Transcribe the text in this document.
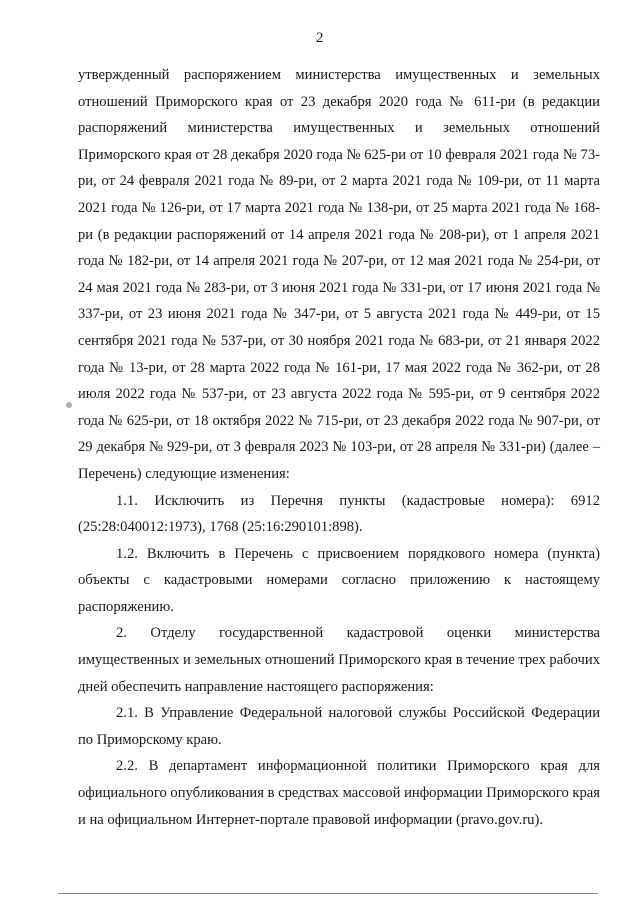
2

утвержденный распоряжением министерства имущественных и земельных отношений Приморского края от 23 декабря 2020 года № 611-ри (в редакции распоряжений министерства имущественных и земельных отношений Приморского края от 28 декабря 2020 года № 625-ри от 10 февраля 2021 года № 73-ри, от 24 февраля 2021 года № 89-ри, от 2 марта 2021 года № 109-ри, от 11 марта 2021 года № 126-ри, от 17 марта 2021 года № 138-ри, от 25 марта 2021 года № 168-ри (в редакции распоряжений от 14 апреля 2021 года № 208-ри), от 1 апреля 2021 года № 182-ри, от 14 апреля 2021 года № 207-ри, от 12 мая 2021 года № 254-ри, от 24 мая 2021 года № 283-ри, от 3 июня 2021 года № 331-ри, от 17 июня 2021 года № 337-ри, от 23 июня 2021 года № 347-ри, от 5 августа 2021 года № 449-ри, от 15 сентября 2021 года № 537-ри, от 30 ноября 2021 года № 683-ри, от 21 января 2022 года № 13-ри, от 28 марта 2022 года № 161-ри, 17 мая 2022 года № 362-ри, от 28 июля 2022 года № 537-ри, от 23 августа 2022 года № 595-ри, от 9 сентября 2022 года № 625-ри, от 18 октября 2022 № 715-ри, от 23 декабря 2022 года № 907-ри, от 29 декабря № 929-ри, от 3 февраля 2023 № 103-ри, от 28 апреля № 331-ри) (далее – Перечень) следующие изменения:

1.1. Исключить из Перечня пункты (кадастровые номера): 6912 (25:28:040012:1973), 1768 (25:16:290101:898).

1.2. Включить в Перечень с присвоением порядкового номера (пункта) объекты с кадастровыми номерами согласно приложению к настоящему распоряжению.

2. Отделу государственной кадастровой оценки министерства имущественных и земельных отношений Приморского края в течение трех рабочих дней обеспечить направление настоящего распоряжения:

2.1. В Управление Федеральной налоговой службы Российской Федерации по Приморскому краю.

2.2. В департамент информационной политики Приморского края для официального опубликования в средствах массовой информации Приморского края и на официальном Интернет-портале правовой информации (pravo.gov.ru).
